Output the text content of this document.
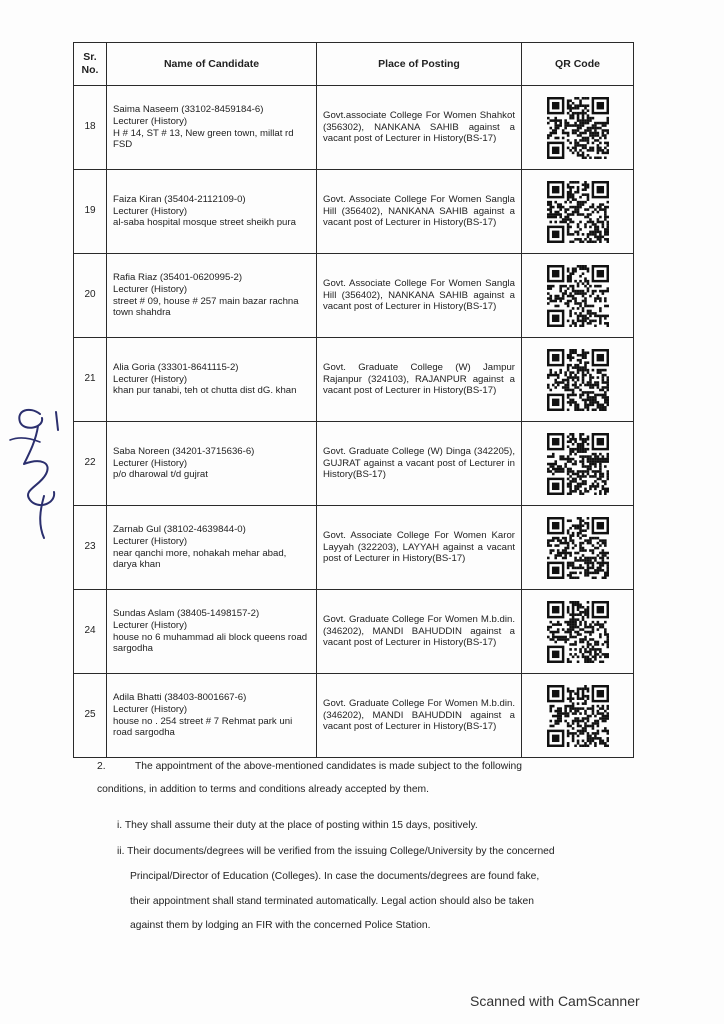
Sr.
No.	Name of Candidate	Place of Posting	QR Code
18	Saima Naseem (33102-8459184-6)
Lecturer (History)
H # 14, ST # 13, New green town, millat rd FSD	Govt.associate College For Women Shahkot (356302), NANKANA SAHIB against a vacant post of Lecturer in History(BS-17)	

19	Faiza Kiran (35404-2112109-0)
Lecturer (History)
al-saba hospital mosque street sheikh pura	Govt. Associate College For Women Sangla Hill (356402), NANKANA SAHIB against a vacant post of Lecturer in History(BS-17)	

20	Rafia Riaz (35401-0620995-2)
Lecturer (History)
street # 09, house # 257 main bazar rachna town shahdra	Govt. Associate College For Women Sangla Hill (356402), NANKANA SAHIB against a vacant post of Lecturer in History(BS-17)	

21	Alia Goria (33301-8641115-2)
Lecturer (History)
khan pur tanabi, teh ot chutta dist dG. khan	Govt. Graduate College (W) Jampur Rajanpur (324103), RAJANPUR against a vacant post of Lecturer in History(BS-17)	

22	Saba Noreen (34201-3715636-6)
Lecturer (History)
p/o dharowal t/d gujrat	Govt. Graduate College (W) Dinga (342205), GUJRAT against a vacant post of Lecturer in History(BS-17)	

23	Zarnab Gul (38102-4639844-0)
Lecturer (History)
near qanchi more, nohakah mehar abad, darya khan	Govt. Associate College For Women Karor Layyah (322203), LAYYAH against a vacant post of Lecturer in History(BS-17)	

24	Sundas Aslam (38405-1498157-2)
Lecturer (History)
house no 6 muhammad ali block queens road sargodha	Govt. Graduate College For Women M.b.din. (346202), MANDI BAHUDDIN against a vacant post of Lecturer in History(BS-17)	

25	Adila Bhatti (38403-8001667-6)
Lecturer (History)
house no . 254 street # 7 Rehmat park uni road sargodha	Govt. Graduate College For Women M.b.din. (346202), MANDI BAHUDDIN against a vacant post of Lecturer in History(BS-17)	

2.	The appointment of the above-mentioned candidates is made subject to the following

conditions, in addition to terms and conditions already accepted by them.

i. They shall assume their duty at the place of posting within 15 days, positively.

ii. Their documents/degrees will be verified from the issuing College/University by the concerned

Principal/Director of Education (Colleges). In case the documents/degrees are found fake,

their appointment shall stand terminated automatically. Legal action should also be taken

against them by lodging an FIR with the concerned Police Station.

Scanned with CamScanner
